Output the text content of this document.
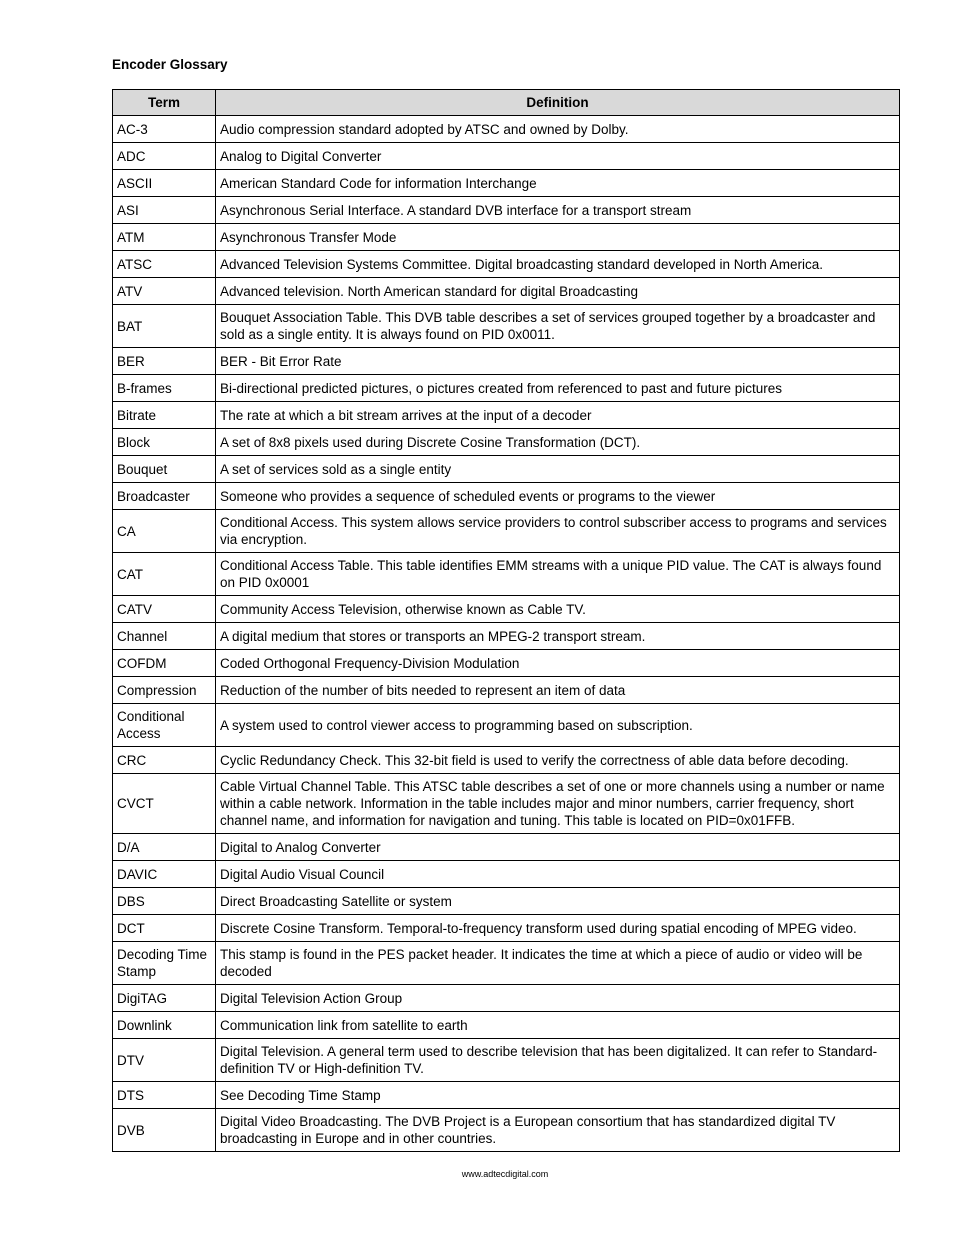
Encoder Glossary
Term	Definition
AC-3	Audio compression standard adopted by ATSC and owned by Dolby.
ADC	Analog to Digital Converter
ASCII	American Standard Code for information Interchange
ASI	Asynchronous Serial Interface. A standard DVB interface for a transport stream
ATM	Asynchronous Transfer Mode
ATSC	Advanced Television Systems Committee. Digital broadcasting standard developed in North America.
ATV	Advanced television. North American standard for digital Broadcasting
BAT	Bouquet Association Table. This DVB table describes a set of services grouped together by a broadcaster and sold as a single entity. It is always found on PID 0x0011.
BER	BER - Bit Error Rate
B-frames	Bi-directional predicted pictures, o pictures created from referenced to past and future pictures
Bitrate	The rate at which a bit stream arrives at the input of a decoder
Block	A set of 8x8 pixels used during Discrete Cosine Transformation (DCT).
Bouquet	A set of services sold as a single entity
Broadcaster	Someone who provides a sequence of scheduled events or programs to the viewer
CA	Conditional Access. This system allows service providers to control subscriber access to programs and services via encryption.
CAT	Conditional Access Table. This table identifies EMM streams with a unique PID value. The CAT is always found on PID 0x0001
CATV	Community Access Television, otherwise known as Cable TV.
Channel	A digital medium that stores or transports an MPEG-2 transport stream.
COFDM	Coded Orthogonal Frequency-Division Modulation
Compression	Reduction of the number of bits needed to represent an item of data
Conditional Access	A system used to control viewer access to programming based on subscription.
CRC	Cyclic Redundancy Check. This 32-bit field is used to verify the correctness of able data before decoding.
CVCT	Cable Virtual Channel Table. This ATSC table describes a set of one or more channels using a number or name within a cable network. Information in the table includes major and minor numbers, carrier frequency, short channel name, and information for navigation and tuning. This table is located on PID=0x01FFB.
D/A	Digital to Analog Converter
DAVIC	Digital Audio Visual Council
DBS	Direct Broadcasting Satellite or system
DCT	Discrete Cosine Transform. Temporal-to-frequency transform used during spatial encoding of MPEG video.
Decoding Time Stamp	This stamp is found in the PES packet header. It indicates the time at which a piece of audio or video will be decoded
DigiTAG	Digital Television Action Group
Downlink	Communication link from satellite to earth
DTV	Digital Television. A general term used to describe television that has been digitalized. It can refer to Standard-definition TV or High-definition TV.
DTS	See Decoding Time Stamp
DVB	Digital Video Broadcasting. The DVB Project is a European consortium that has standardized digital TV broadcasting in Europe and in other countries.
www.adtecdigital.com
